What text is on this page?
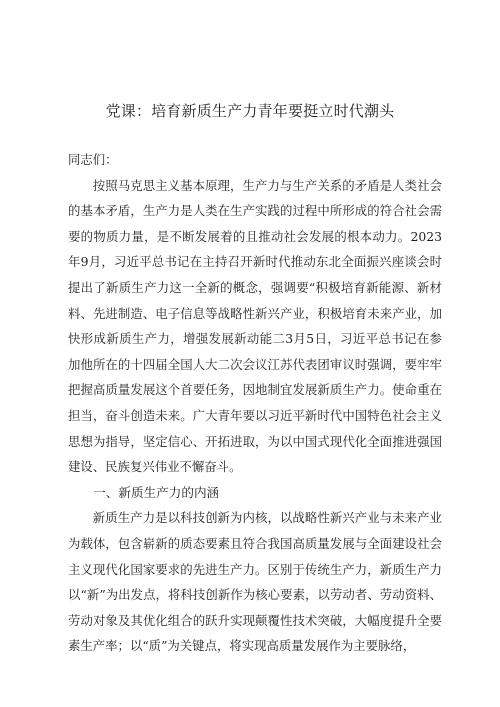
党课：培育新质生产力青年要挺立时代潮头

同志们：

按照马克思主义基本原理，生产力与生产关系的矛盾是人类社会的基本矛盾，生产力是人类在生产实践的过程中所形成的符合社会需要的物质力量，是不断发展着的且推动社会发展的根本动力。2023年9月，习近平总书记在主持召开新时代推动东北全面振兴座谈会时提出了新质生产力这一全新的概念，强调要“积极培育新能源、新材料、先进制造、电子信息等战略性新兴产业，积极培育未来产业，加快形成新质生产力，增强发展新动能二3月5日，习近平总书记在参加他所在的十四届全国人大二次会议江苏代表团审议时强调，要牢牢把握高质量发展这个首要任务，因地制宜发展新质生产力。使命重在担当，奋斗创造未来。广大青年要以习近平新时代中国特色社会主义思想为指导，坚定信心、开拓进取，为以中国式现代化全面推进强国建设、民族复兴伟业不懈奋斗。

一、新质生产力的内涵

新质生产力是以科技创新为内核，以战略性新兴产业与未来产业为载体，包含崭新的质态要素且符合我国高质量发展与全面建设社会主义现代化国家要求的先进生产力。区别于传统生产力，新质生产力以“新”为出发点，将科技创新作为核心要素，以劳动者、劳动资料、劳动对象及其优化组合的跃升实现颠覆性技术突破，大幅度提升全要素生产率；以“质”为关键点，将实现高质量发展作为主要脉络，
